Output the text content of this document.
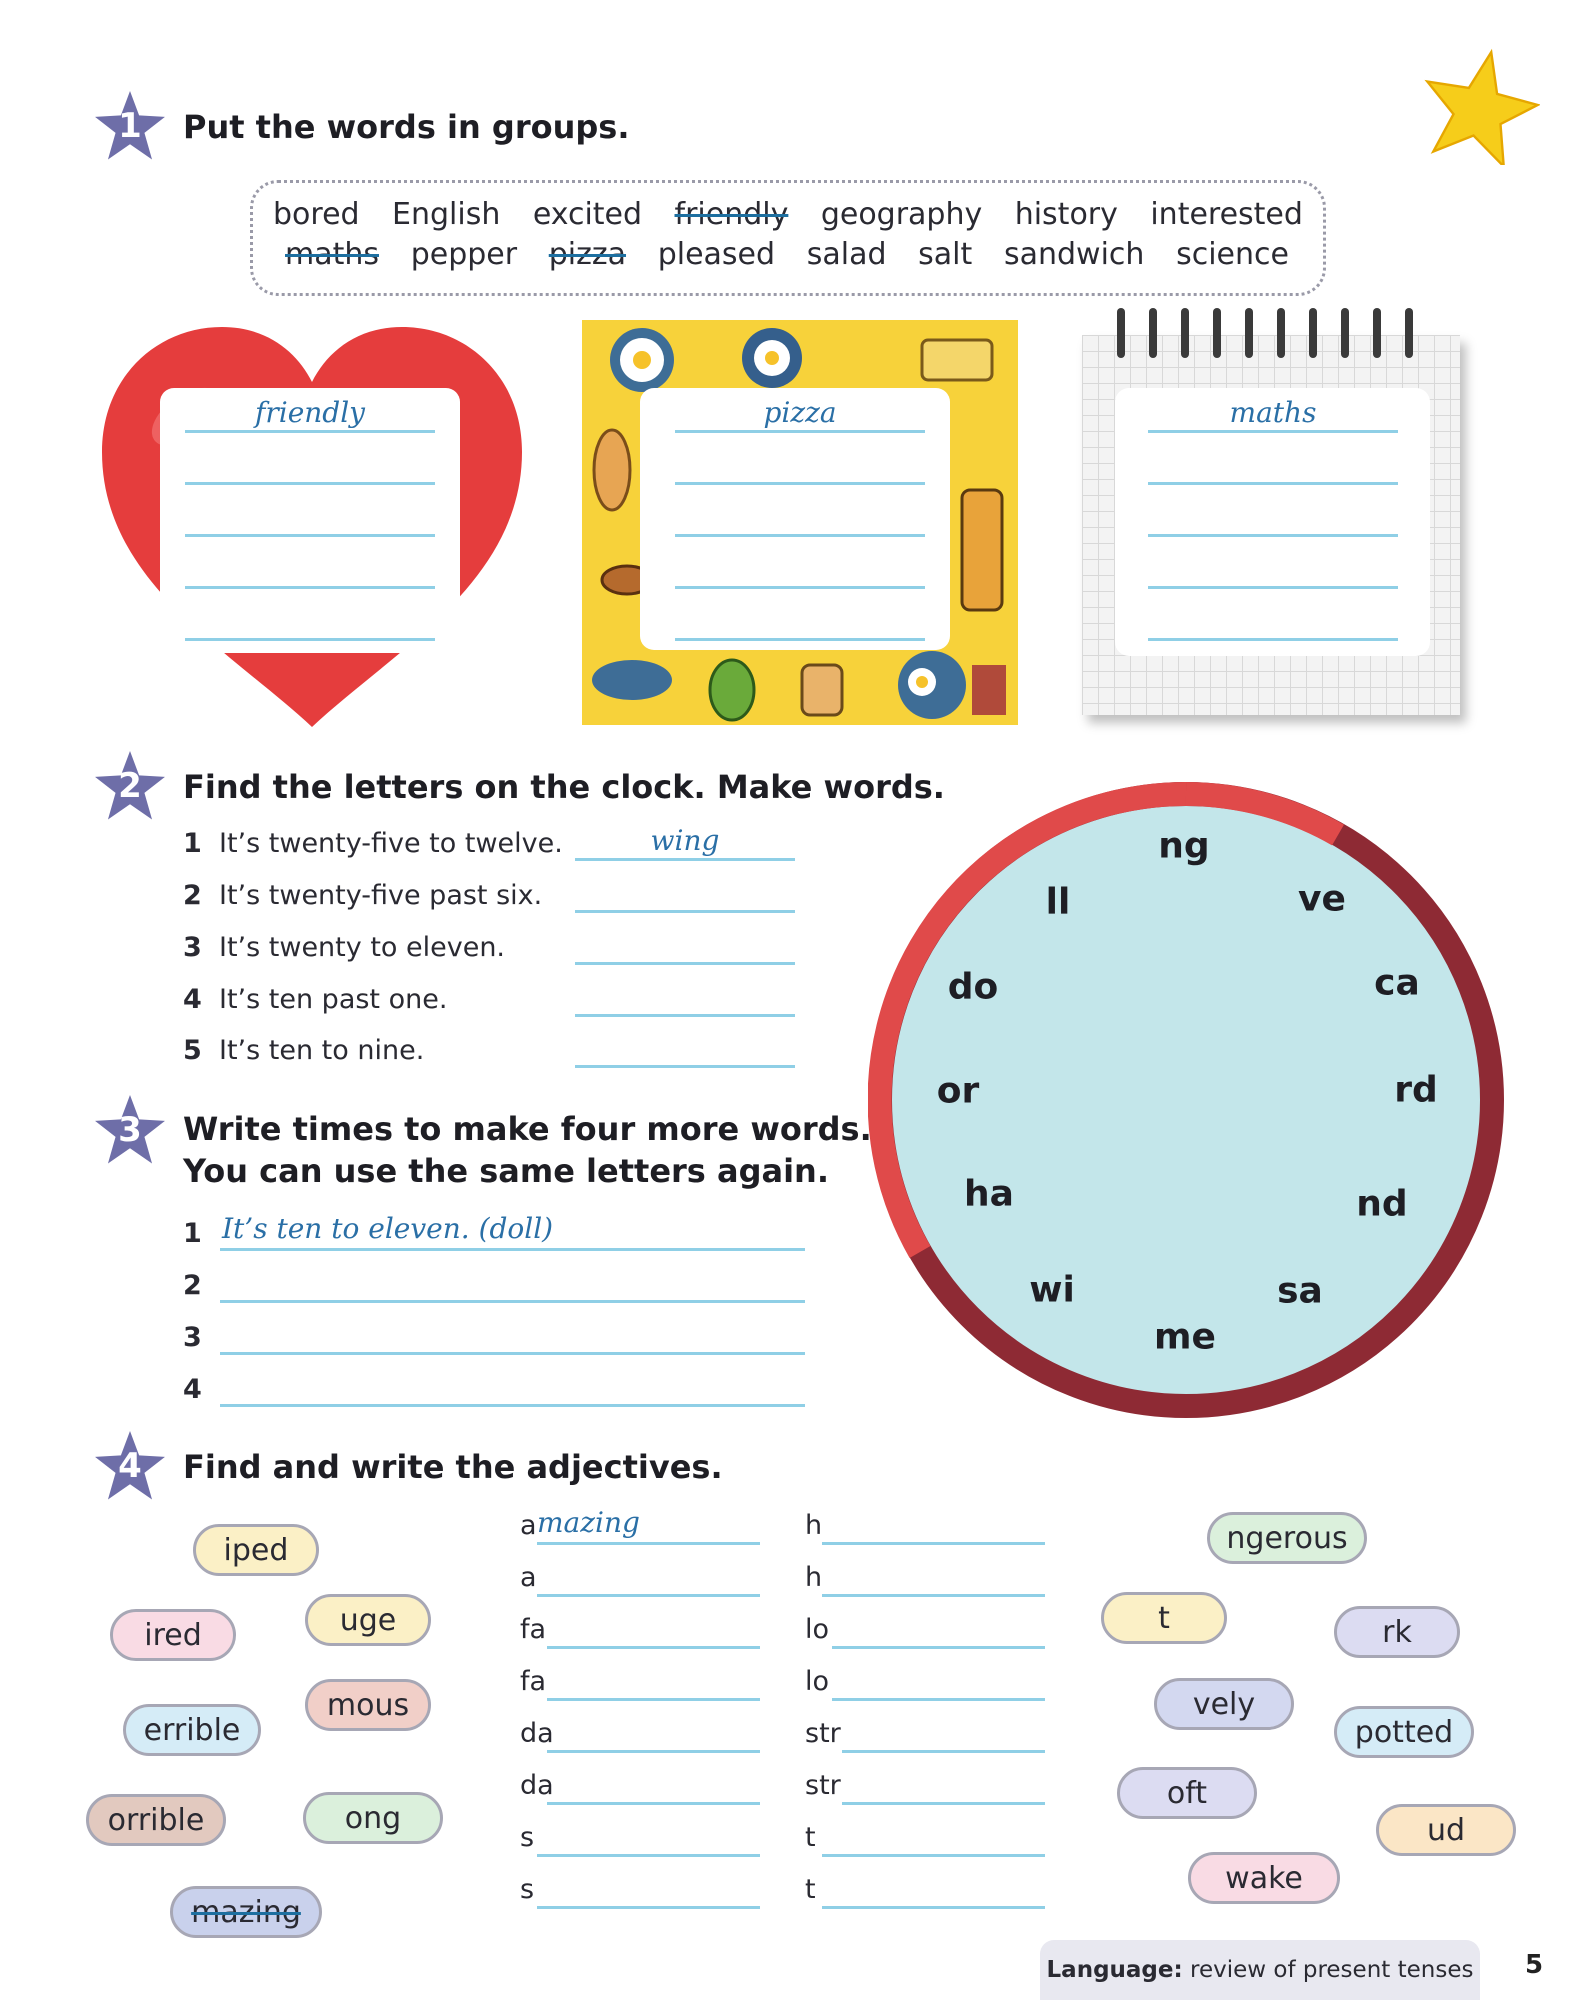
1	Put the words in groups.
bored English excited friendly geography history interested
maths pepper pizza pleased salad salt sandwich science
friendly	pizza	maths
2	Find the letters on the clock. Make words.
1 It’s twenty-five to twelve.	wing
2 It’s twenty-five past six.
3 It’s twenty to eleven.
4 It’s ten past one.
5 It’s ten to nine.
ng
ve
ca
rd
nd
sa
me
wi
ha
or
do
ll
3	Write times to make four more words.
You can use the same letters again.
1 It’s ten to eleven. (doll)
2
3
4
4	Find and write the adjectives.
iped
uge
ired
mous
errible
orrible	ong
mazing
ngerous
t	rk
vely
potted
oft
ud
wake
a mazing
a
fa
fa
da
da
s
s
h
h
lo
lo
str
str
t
t
Language: review of present tenses 5
